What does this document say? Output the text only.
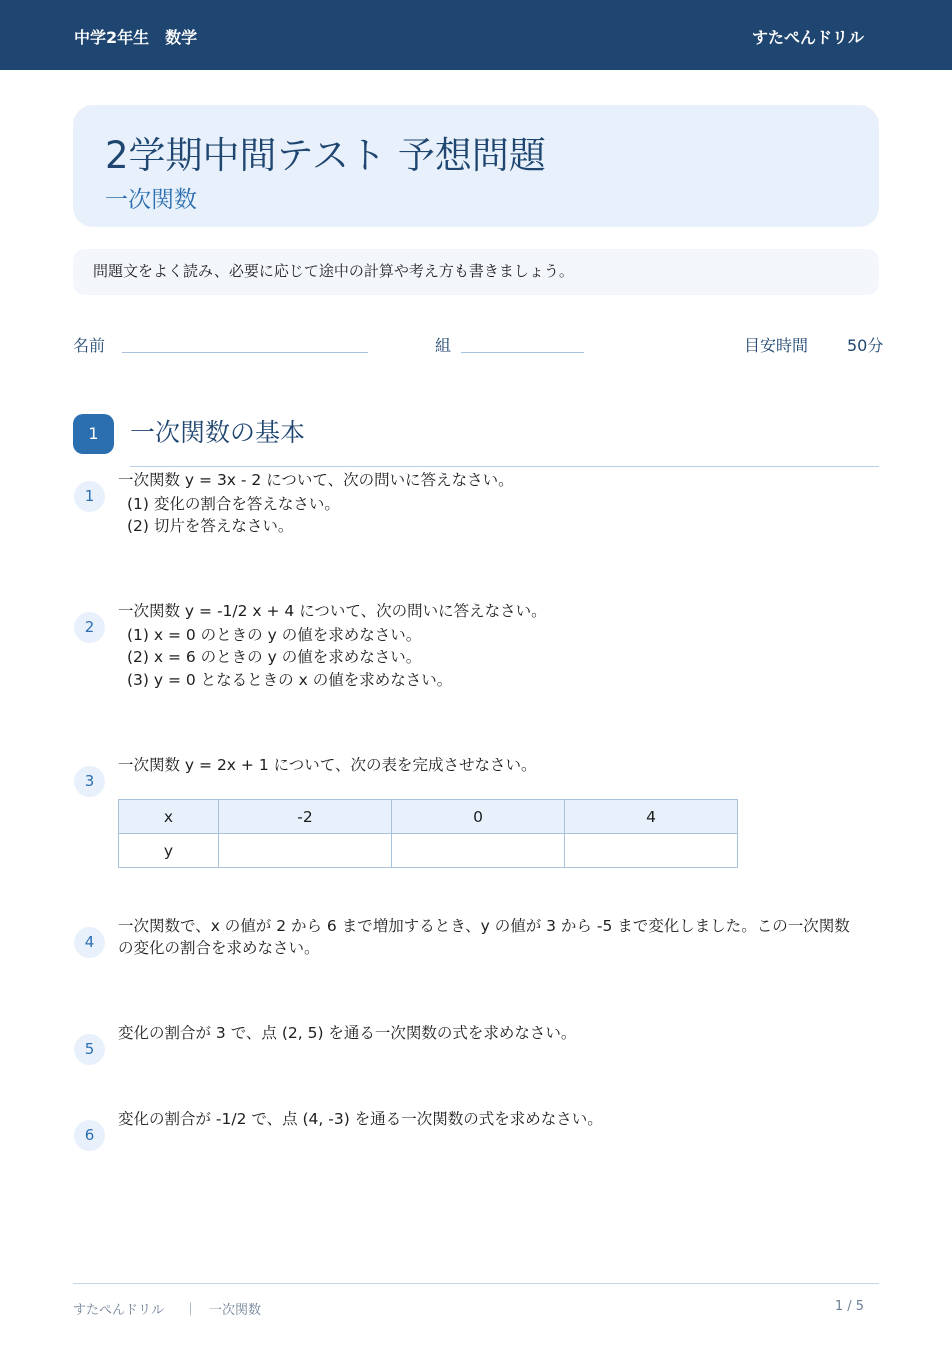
中学2年生　数学	すたぺんドリル
2学期中間テスト 予想問題
一次関数
問題文をよく読み、必要に応じて途中の計算や考え方も書きましょう。
名前	組	目安時間 50分
1	一次関数の基本
1
一次関数 y = 3x - 2 について、次の問いに答えなさい。
(1) 変化の割合を答えなさい。
(2) 切片を答えなさい。
2
一次関数 y = -1/2 x + 4 について、次の問いに答えなさい。
(1) x = 0 のときの y の値を求めなさい。
(2) x = 6 のときの y の値を求めなさい。
(3) y = 0 となるときの x の値を求めなさい。
3
一次関数 y = 2x + 1 について、次の表を完成させなさい。
x	-2	0	4
y			
4
一次関数で、x の値が 2 から 6 まで増加するとき、y の値が 3 から -5 まで変化しました。この一次関数
の変化の割合を求めなさい。
5
変化の割合が 3 で、点 (2, 5) を通る一次関数の式を求めなさい。
6
変化の割合が -1/2 で、点 (4, -3) を通る一次関数の式を求めなさい。
すたぺんドリル ｜ 一次関数	1 / 5
